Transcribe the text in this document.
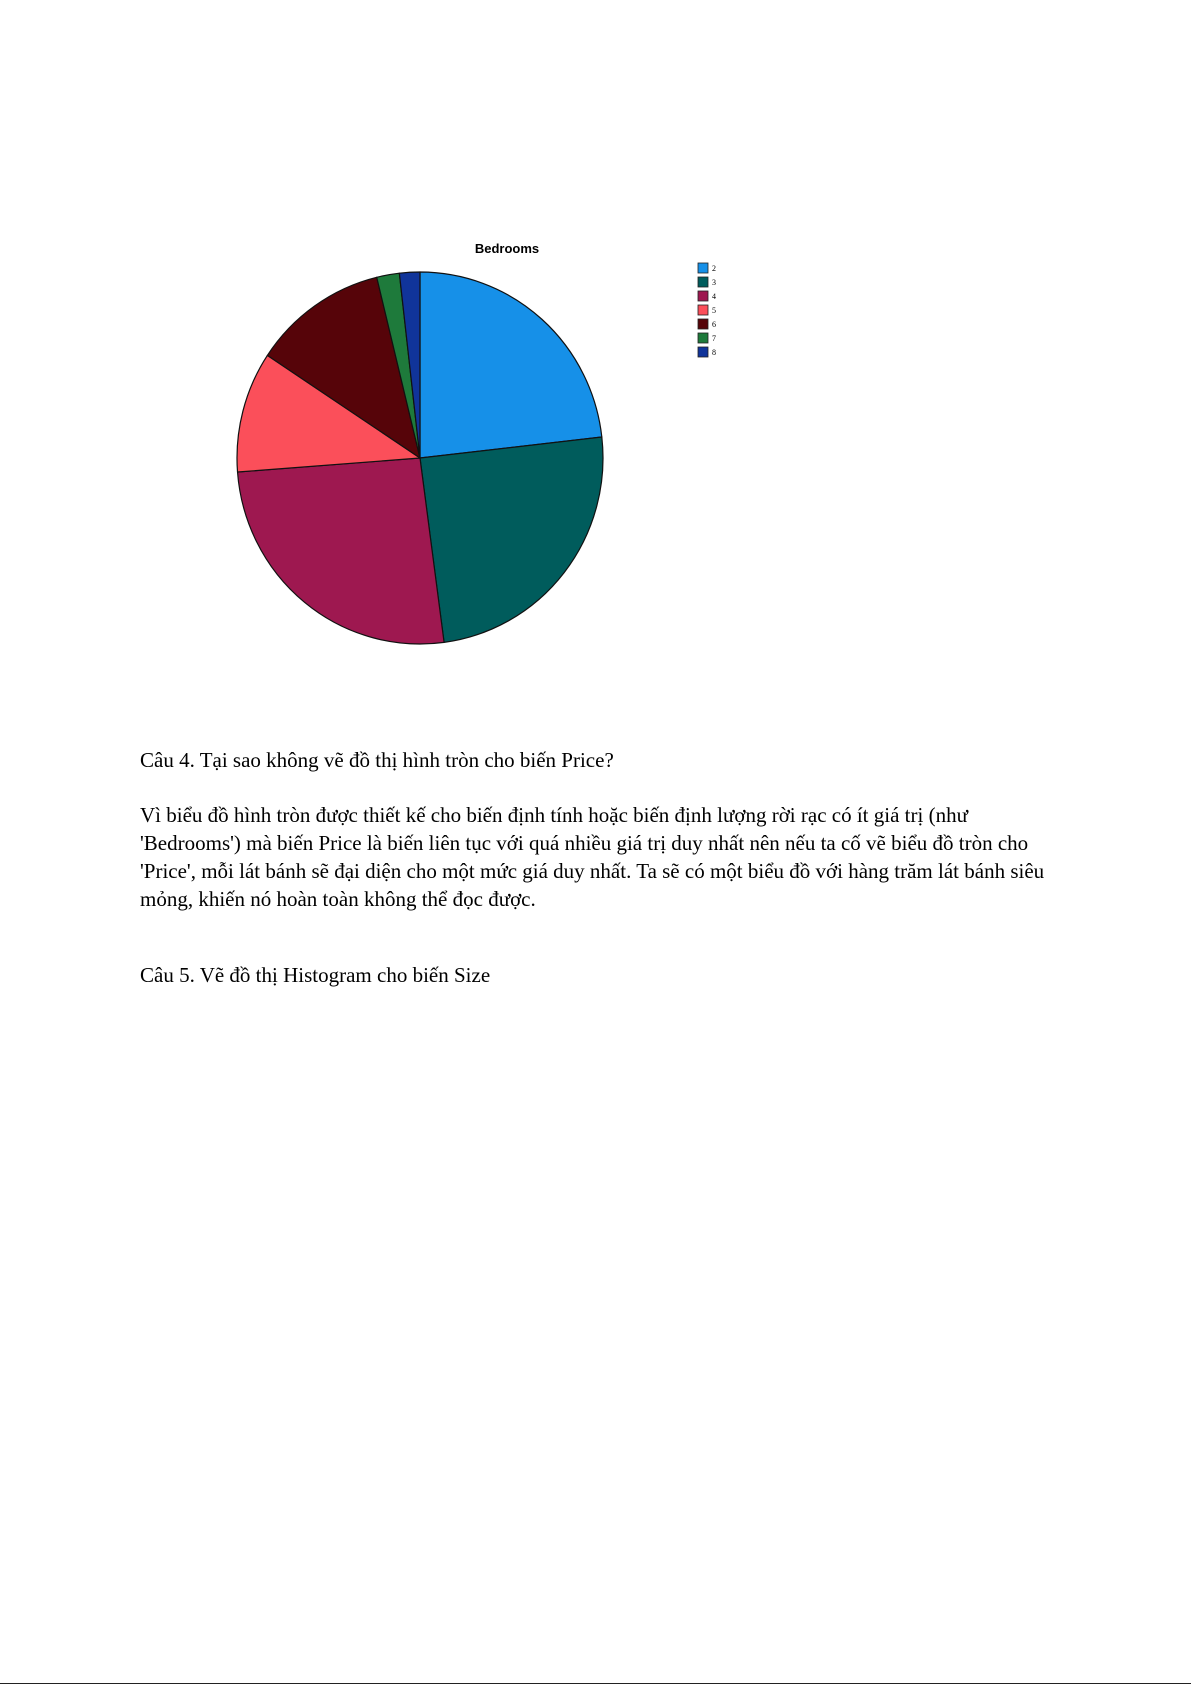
Bedrooms
2
3
4
5
6
7
8

Câu 4. Tại sao không vẽ đồ thị hình tròn cho biến Price?

Vì biểu đồ hình tròn được thiết kế cho biến định tính hoặc biến định lượng rời rạc có ít giá trị (như 'Bedrooms') mà biến Price là biến liên tục với quá nhiều giá trị duy nhất nên nếu ta cố vẽ biểu đồ tròn cho 'Price', mỗi lát bánh sẽ đại diện cho một mức giá duy nhất. Ta sẽ có một biểu đồ với hàng trăm lát bánh siêu mỏng, khiến nó hoàn toàn không thể đọc được.

Câu 5. Vẽ đồ thị Histogram cho biến Size
